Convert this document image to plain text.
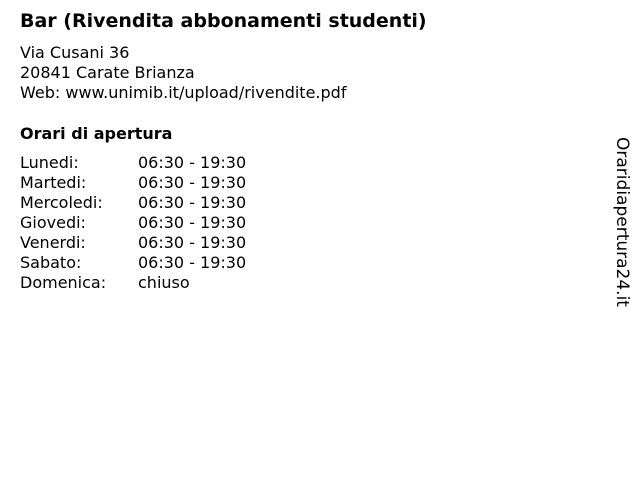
Bar (Rivendita abbonamenti studenti)
Via Cusani 36
20841 Carate Brianza
Web: www.unimib.it/upload/rivendite.pdf
Orari di apertura
Lunedi:	06:30 - 19:30
Martedi:	06:30 - 19:30
Mercoledi: 06:30 - 19:30
Giovedi:	06:30 - 19:30
Venerdi:	06:30 - 19:30
Sabato:	06:30 - 19:30
Domenica: chiuso	Oraridiapertura24.it
